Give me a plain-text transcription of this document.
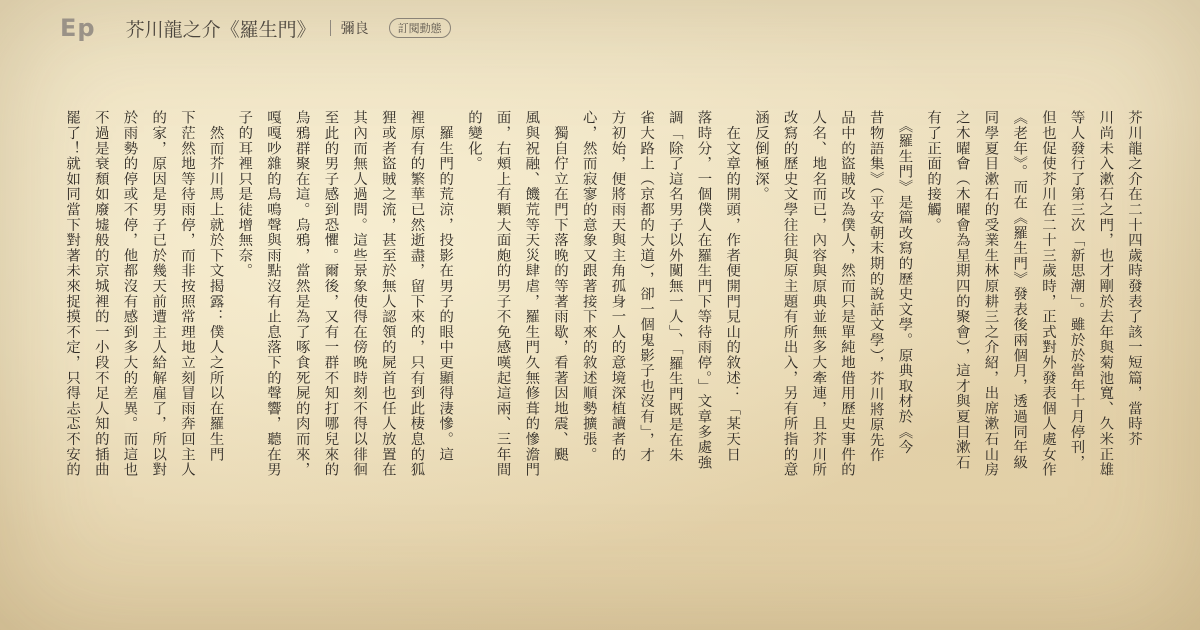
Ep 芥川龍之介《羅生門》 彌良	訂閱動態
芥川龍之介在二十四歲時發表了該一短篇，當時芥
川尚未入漱石之門，也才剛於去年與菊池寬、久米正雄
等人發行了第三次「新思潮」。雖於於當年十月停刊，
但也促使芥川在二十三歲時，正式對外發表個人處女作
《老年》。而在《羅生門》發表後兩個月，透過同年級
同學夏目漱石的受業生林原耕三之介紹，出席漱石山房
之木曜會（木曜會為星期四的聚會），這才與夏目漱石
有了正面的接觸。
　《羅生門》是篇改寫的歷史文學。原典取材於《今
昔物語集》（平安朝末期的說話文學），芥川將原先作
品中的盜賊改為僕人，然而只是單純地借用歷史事件的
人名、地名而已，內容與原典並無多大牽連，且芥川所
改寫的歷史文學往往與原主題有所出入，另有所指的意
涵反倒極深。
　在文章的開頭，作者便開門見山的敘述：「某天日
落時分，一個僕人在羅生門下等待雨停。」文章多處強
調「除了這名男子以外闃無一人」、「羅生門既是在朱
雀大路上（京都的大道），卻一個鬼影子也沒有」，才
方初始，便將雨天與主角孤身一人的意境深植讀者的
心，然而寂寥的意象又跟著接下來的敘述順勢擴張。
　獨自佇立在門下落晚的等著雨歇，看著因地震、颶
風與祝融、饑荒等天災肆虐，羅生門久無修葺的慘澹門
面，右頰上有顆大面皰的男子不免感嘆起這兩、三年間
的變化。
　羅生門的荒涼，投影在男子的眼中更顯得淒慘。這
裡原有的繁華已然逝盡，留下來的，只有到此棲息的狐
狸或者盜賊之流，甚至於無人認領的屍首也任人放置在
其內而無人過問。這些景象使得在傍晚時刻不得以徘徊
至此的男子感到恐懼。爾後，又有一群不知打哪兒來的
烏鴉群聚在這。烏鴉，當然是為了啄食死屍的肉而來，
嘎嘎吵雜的鳥鳴聲與雨點沒有止息落下的聲響，聽在男
子的耳裡只是徒增無奈。
　然而芥川馬上就於下文揭露：僕人之所以在羅生門
下茫然地等待雨停，而非按照常理地立刻冒雨奔回主人
的家，原因是男子已於幾天前遭主人給解雇了，所以對
於雨勢的停或不停，他都沒有感到多大的差異。而這也
不過是衰頹如廢墟般的京城裡的一小段不足人知的插曲
罷了！就如同當下對著未來捉摸不定，只得忐忑不安的
